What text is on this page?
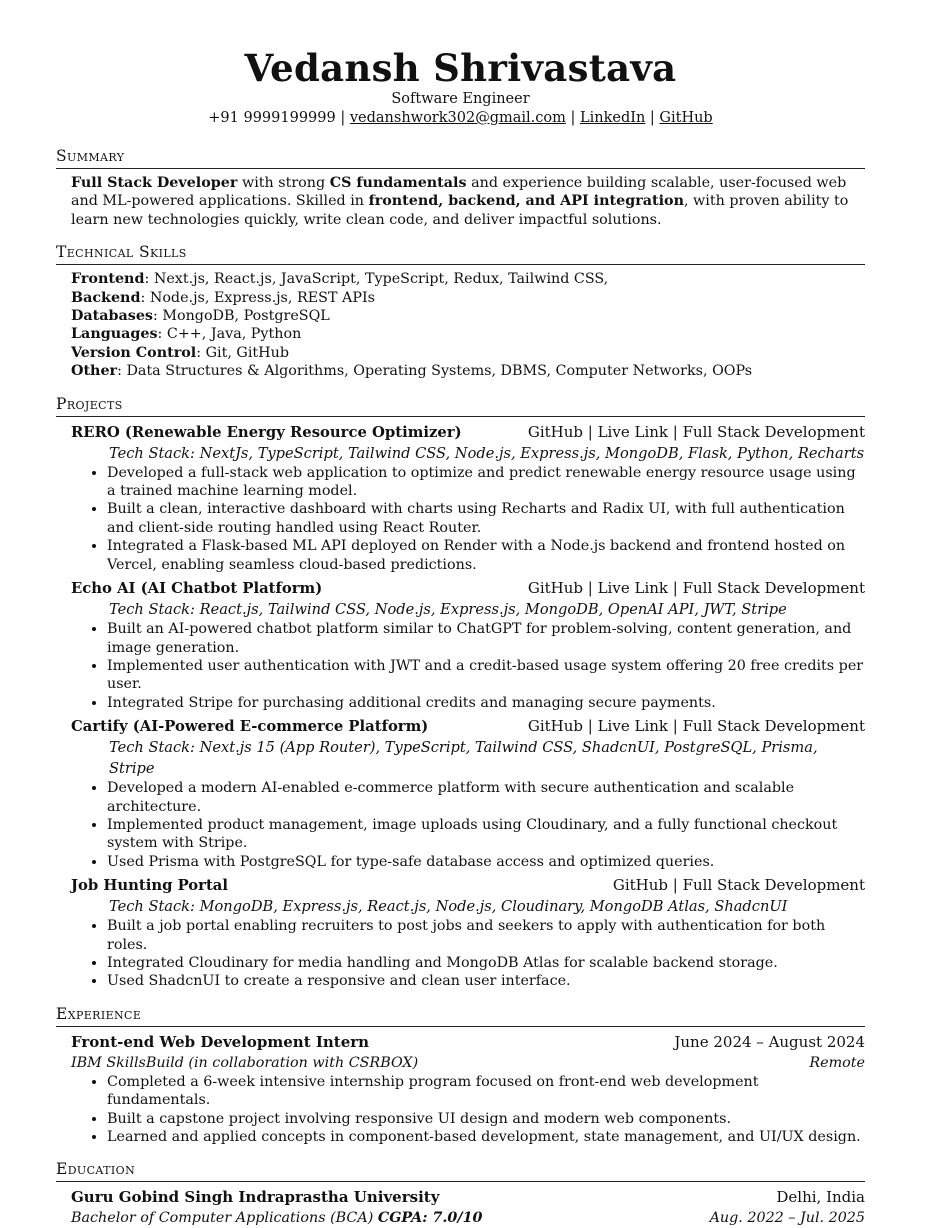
Vedansh Shrivastava
Software Engineer
+91 9999199999 | vedanshwork302@gmail.com | LinkedIn | GitHub
Summary

Full Stack Developer with strong CS fundamentals and experience building scalable, user-focused web and ML-powered applications. Skilled in frontend, backend, and API integration, with proven ability to learn new technologies quickly, write clean code, and deliver impactful solutions.

Technical Skills
Frontend: Next.js, React.js, JavaScript, TypeScript, Redux, Tailwind CSS,
Backend: Node.js, Express.js, REST APIs
Databases: MongoDB, PostgreSQL
Languages: C++, Java, Python
Version Control: Git, GitHub
Other: Data Structures & Algorithms, Operating Systems, DBMS, Computer Networks, OOPs
Projects
RERO (Renewable Energy Resource Optimizer)	GitHub | Live Link | Full Stack Development
Tech Stack: NextJs, TypeScript, Tailwind CSS, Node.js, Express.js, MongoDB, Flask, Python, Recharts
• Developed a full-stack web application to optimize and predict renewable energy resource usage using a trained machine learning model.
• Built a clean, interactive dashboard with charts using Recharts and Radix UI, with full authentication and client-side routing handled using React Router.
• Integrated a Flask-based ML API deployed on Render with a Node.js backend and frontend hosted on Vercel, enabling seamless cloud-based predictions.
Echo AI (AI Chatbot Platform)	GitHub | Live Link | Full Stack Development
Tech Stack: React.js, Tailwind CSS, Node.js, Express.js, MongoDB, OpenAI API, JWT, Stripe
• Built an AI-powered chatbot platform similar to ChatGPT for problem-solving, content generation, and image generation.
• Implemented user authentication with JWT and a credit-based usage system offering 20 free credits per user.
• Integrated Stripe for purchasing additional credits and managing secure payments.
Cartify (AI-Powered E-commerce Platform)	GitHub | Live Link | Full Stack Development
Tech Stack: Next.js 15 (App Router), TypeScript, Tailwind CSS, ShadcnUI, PostgreSQL, Prisma, Stripe
• Developed a modern AI-enabled e-commerce platform with secure authentication and scalable architecture.
• Implemented product management, image uploads using Cloudinary, and a fully functional checkout system with Stripe.
• Used Prisma with PostgreSQL for type-safe database access and optimized queries.
Job Hunting Portal	GitHub | Full Stack Development
Tech Stack: MongoDB, Express.js, React.js, Node.js, Cloudinary, MongoDB Atlas, ShadcnUI
• Built a job portal enabling recruiters to post jobs and seekers to apply with authentication for both roles.
• Integrated Cloudinary for media handling and MongoDB Atlas for scalable backend storage.
• Used ShadcnUI to create a responsive and clean user interface.
Experience
Front-end Web Development Intern	June 2024 – August 2024
IBM SkillsBuild (in collaboration with CSRBOX)	Remote
• Completed a 6-week intensive internship program focused on front-end web development fundamentals.
• Built a capstone project involving responsive UI design and modern web components.
• Learned and applied concepts in component-based development, state management, and UI/UX design.
Education
Guru Gobind Singh Indraprastha University	Delhi, India
Bachelor of Computer Applications (BCA) CGPA: 7.0/10	Aug. 2022 – Jul. 2025
